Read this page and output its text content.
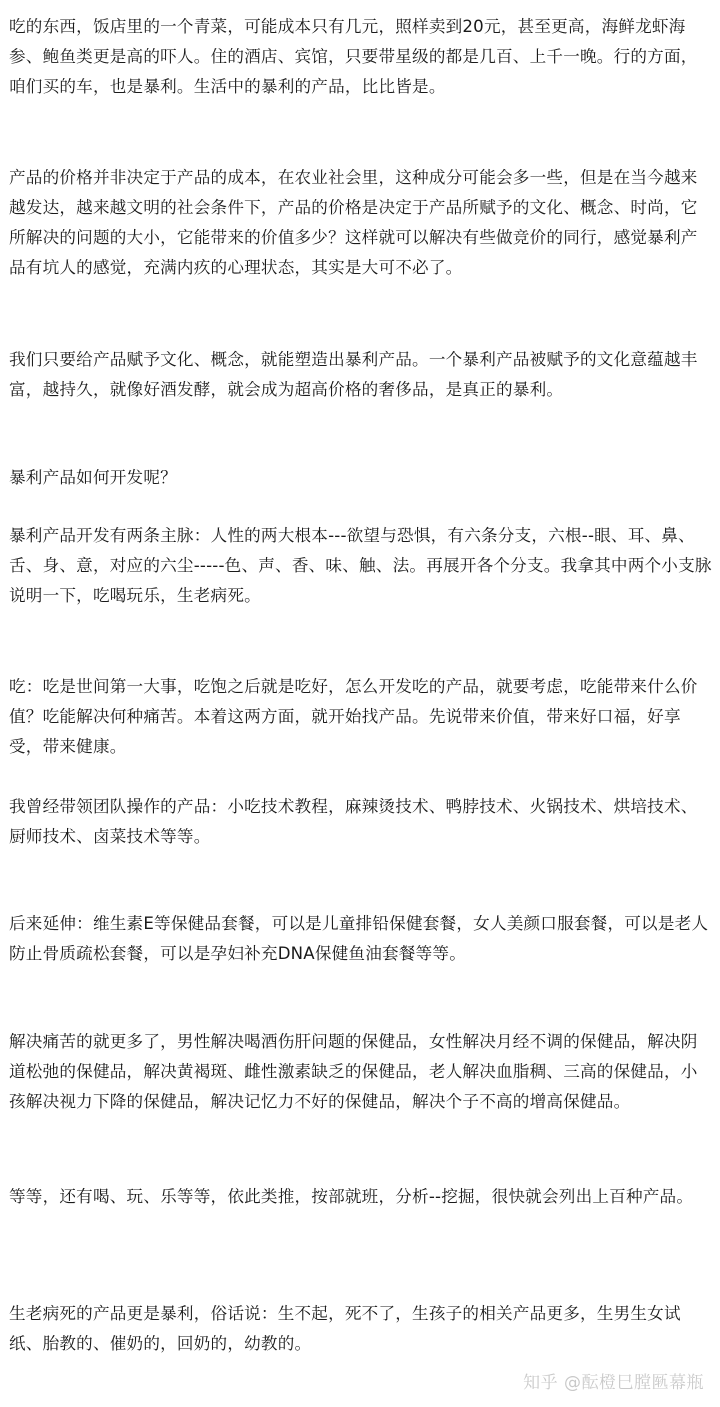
吃的东西，饭店里的一个青菜，可能成本只有几元，照样卖到20元，甚至更高，海鲜龙虾海参、鲍鱼类更是高的吓人。住的酒店、宾馆，只要带星级的都是几百、上千一晚。行的方面，咱们买的车，也是暴利。生活中的暴利的产品，比比皆是。

产品的价格并非决定于产品的成本，在农业社会里，这种成分可能会多一些，但是在当今越来越发达，越来越文明的社会条件下，产品的价格是决定于产品所赋予的文化、概念、时尚，它所解决的问题的大小，它能带来的价值多少？这样就可以解决有些做竞价的同行，感觉暴利产品有坑人的感觉，充满内疚的心理状态，其实是大可不必了。

我们只要给产品赋予文化、概念，就能塑造出暴利产品。一个暴利产品被赋予的文化意蕴越丰富，越持久，就像好酒发酵，就会成为超高价格的奢侈品，是真正的暴利。

暴利产品如何开发呢？

暴利产品开发有两条主脉：人性的两大根本---欲望与恐惧，有六条分支，六根--眼、耳、鼻、舌、身、意，对应的六尘-----色、声、香、味、触、法。再展开各个分支。我拿其中两个小支脉说明一下，吃喝玩乐，生老病死。

吃：吃是世间第一大事，吃饱之后就是吃好，怎么开发吃的产品，就要考虑，吃能带来什么价值？吃能解决何种痛苦。本着这两方面，就开始找产品。先说带来价值，带来好口福，好享受，带来健康。

我曾经带领团队操作的产品：小吃技术教程，麻辣烫技术、鸭脖技术、火锅技术、烘培技术、厨师技术、卤菜技术等等。

后来延伸：维生素E等保健品套餐，可以是儿童排铅保健套餐，女人美颜口服套餐，可以是老人防止骨质疏松套餐，可以是孕妇补充DNA保健鱼油套餐等等。

解决痛苦的就更多了，男性解决喝酒伤肝问题的保健品，女性解决月经不调的保健品，解决阴道松弛的保健品，解决黄褐斑、雌性激素缺乏的保健品，老人解决血脂稠、三高的保健品，小孩解决视力下降的保健品，解决记忆力不好的保健品，解决个子不高的增高保健品。

等等，还有喝、玩、乐等等，依此类推，按部就班，分析--挖掘，很快就会列出上百种产品。

生老病死的产品更是暴利，俗话说：生不起，死不了，生孩子的相关产品更多，生男生女试纸、胎教的、催奶的，回奶的，幼教的。

知乎 @酝橙巳膛匦幕瓶
